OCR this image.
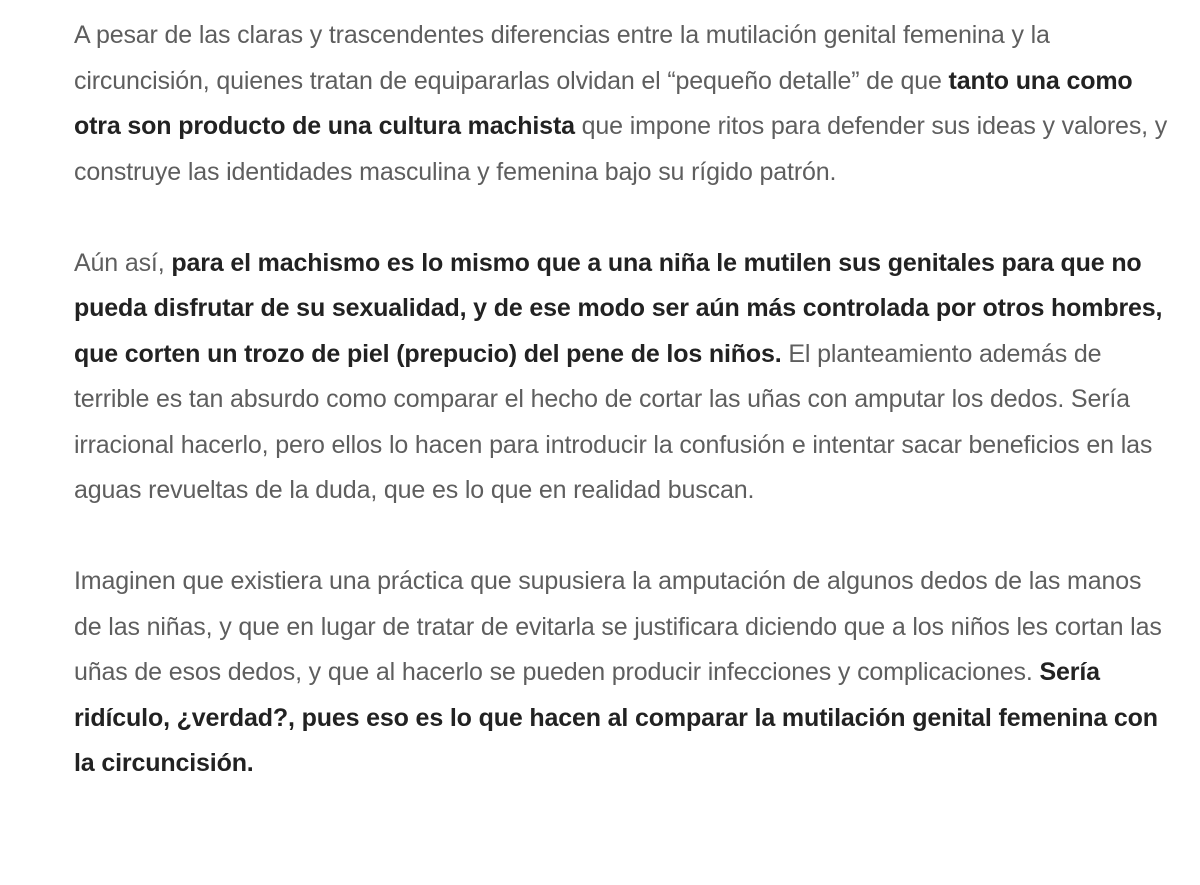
A pesar de las claras y trascendentes diferencias entre la mutilación genital femenina y la circuncisión, quienes tratan de equipararlas olvidan el “pequeño detalle” de que tanto una como otra son producto de una cultura machista que impone ritos para defender sus ideas y valores, y construye las identidades masculina y femenina bajo su rígido patrón.

Aún así, para el machismo es lo mismo que a una niña le mutilen sus genitales para que no pueda disfrutar de su sexualidad, y de ese modo ser aún más controlada por otros hombres, que corten un trozo de piel (prepucio) del pene de los niños. El planteamiento además de terrible es tan absurdo como comparar el hecho de cortar las uñas con amputar los dedos. Sería irracional hacerlo, pero ellos lo hacen para introducir la confusión e intentar sacar beneficios en las aguas revueltas de la duda, que es lo que en realidad buscan.

Imaginen que existiera una práctica que supusiera la amputación de algunos dedos de las manos de las niñas, y que en lugar de tratar de evitarla se justificara diciendo que a los niños les cortan las uñas de esos dedos, y que al hacerlo se pueden producir infecciones y complicaciones. Sería ridículo, ¿verdad?, pues eso es lo que hacen al comparar la mutilación genital femenina con la circuncisión.
